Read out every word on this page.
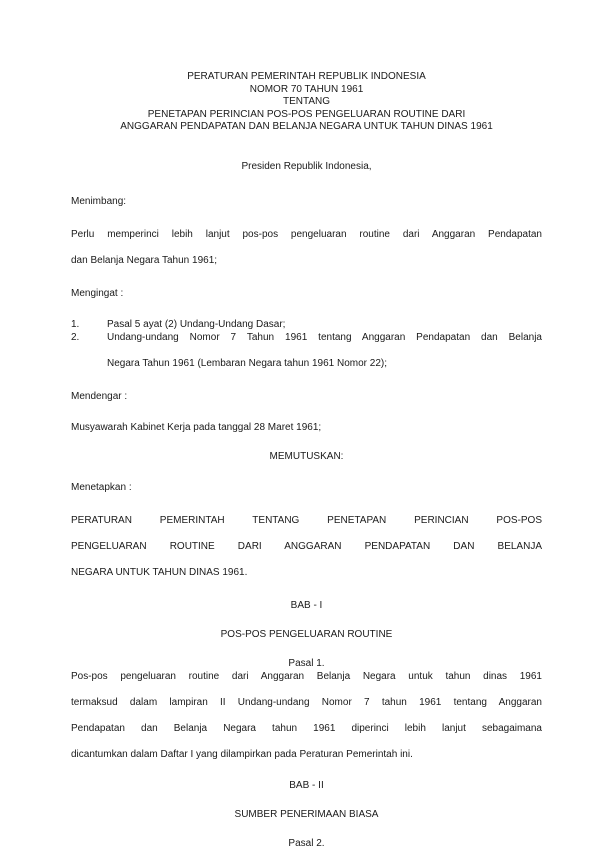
PERATURAN PEMERINTAH REPUBLIK INDONESIA
NOMOR 70 TAHUN 1961
TENTANG
PENETAPAN PERINCIAN POS-POS PENGELUARAN ROUTINE DARI
ANGGARAN PENDAPATAN DAN BELANJA NEGARA UNTUK TAHUN DINAS 1961
Presiden Republik Indonesia,
Menimbang:
Perlu memperinci lebih lanjut pos-pos pengeluaran routine dari Anggaran Pendapatan
dan Belanja Negara Tahun 1961;
Mengingat :
1.	Pasal 5 ayat (2) Undang-Undang Dasar;
2.	Undang-undang Nomor 7 Tahun 1961 tentang Anggaran Pendapatan dan Belanja
Negara Tahun 1961 (Lembaran Negara tahun 1961 Nomor 22);
Mendengar :
Musyawarah Kabinet Kerja pada tanggal 28 Maret 1961;
MEMUTUSKAN:
Menetapkan :
PERATURAN PEMERINTAH TENTANG PENETAPAN PERINCIAN POS-POS
PENGELUARAN ROUTINE DARI ANGGARAN PENDAPATAN DAN BELANJA
NEGARA UNTUK TAHUN DINAS 1961.
BAB - I
POS-POS PENGELUARAN ROUTINE
Pasal 1.
Pos-pos pengeluaran routine dari Anggaran Belanja Negara untuk tahun dinas 1961
termaksud dalam lampiran II Undang-undang Nomor 7 tahun 1961 tentang Anggaran
Pendapatan dan Belanja Negara tahun 1961 diperinci lebih lanjut sebagaimana
dicantumkan dalam Daftar I yang dilampirkan pada Peraturan Pemerintah ini.
BAB - II
SUMBER PENERIMAAN BIASA
Pasal 2.
